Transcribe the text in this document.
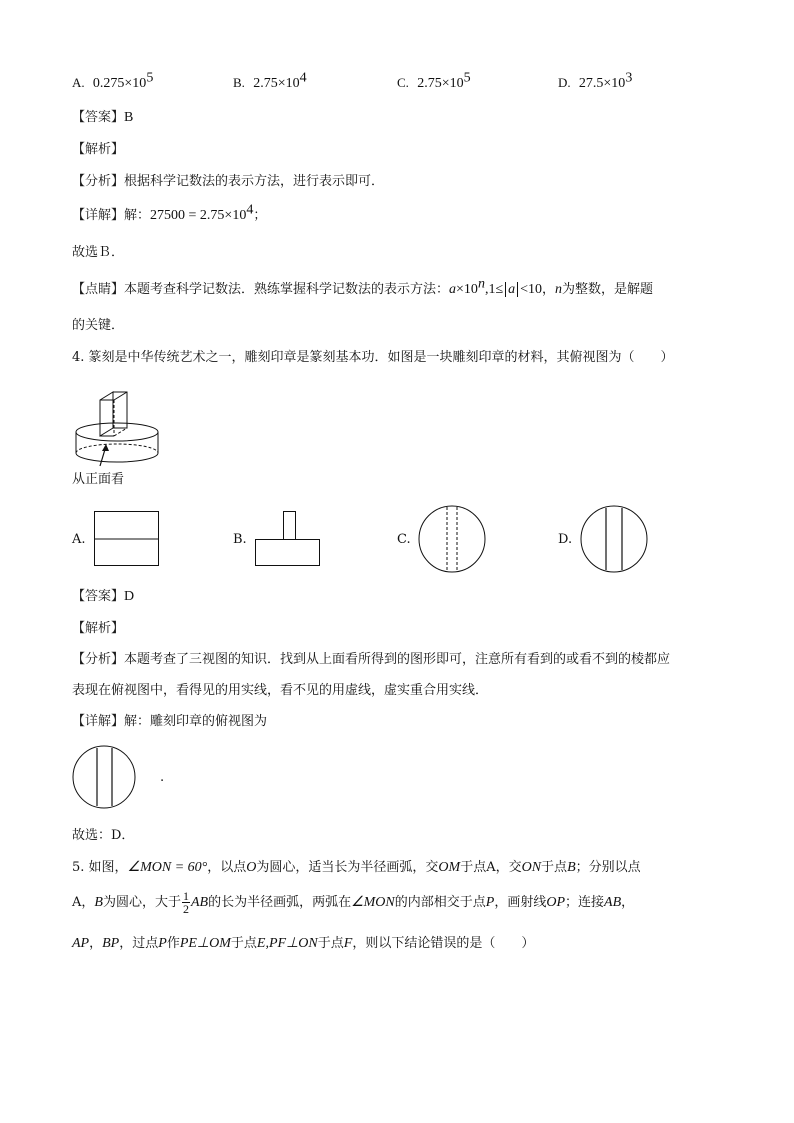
A. $0.275\times 10^5$	B. $2.75\times 10^4$	C. $2.75\times 10^5$	D. $27.5\times 10^3$
【答案】B
【解析】
【分析】根据科学记数法的表示方法，进行表示即可．
【详解】解：$27500 = 2.75\times 10^4$；
故选Ｂ．
【点睛】本题考查科学记数法．熟练掌握科学记数法的表示方法：$a\times 10^n,1\le a <10$，n为整数，是解题
的关键．
4. 篆刻是中华传统艺术之一，雕刻印章是篆刻基本功．如图是一块雕刻印章的材料，其俯视图为（　　）
从正面看
A.	B.	C.	D.
【答案】D
【解析】
【分析】本题考查了三视图的知识．找到从上面看所得到的图形即可，注意所有看到的或看不到的棱都应
表现在俯视图中，看得见的用实线，看不见的用虚线，虚实重合用实线．
【详解】解：雕刻印章的俯视图为
.
故选：D．
5. 如图，∠MON = 60°，以点O为圆心，适当长为半径画弧，交OM于点A，交ON于点B；分别以点
A，B为圆心，大于 $\frac{1}{2}$ AB的长为半径画弧，两弧在∠MON的内部相交于点P，画射线OP；连接AB，
AP，BP，过点P作PE⊥OM于点E,PF⊥ON于点F，则以下结论错误的是（　　）
